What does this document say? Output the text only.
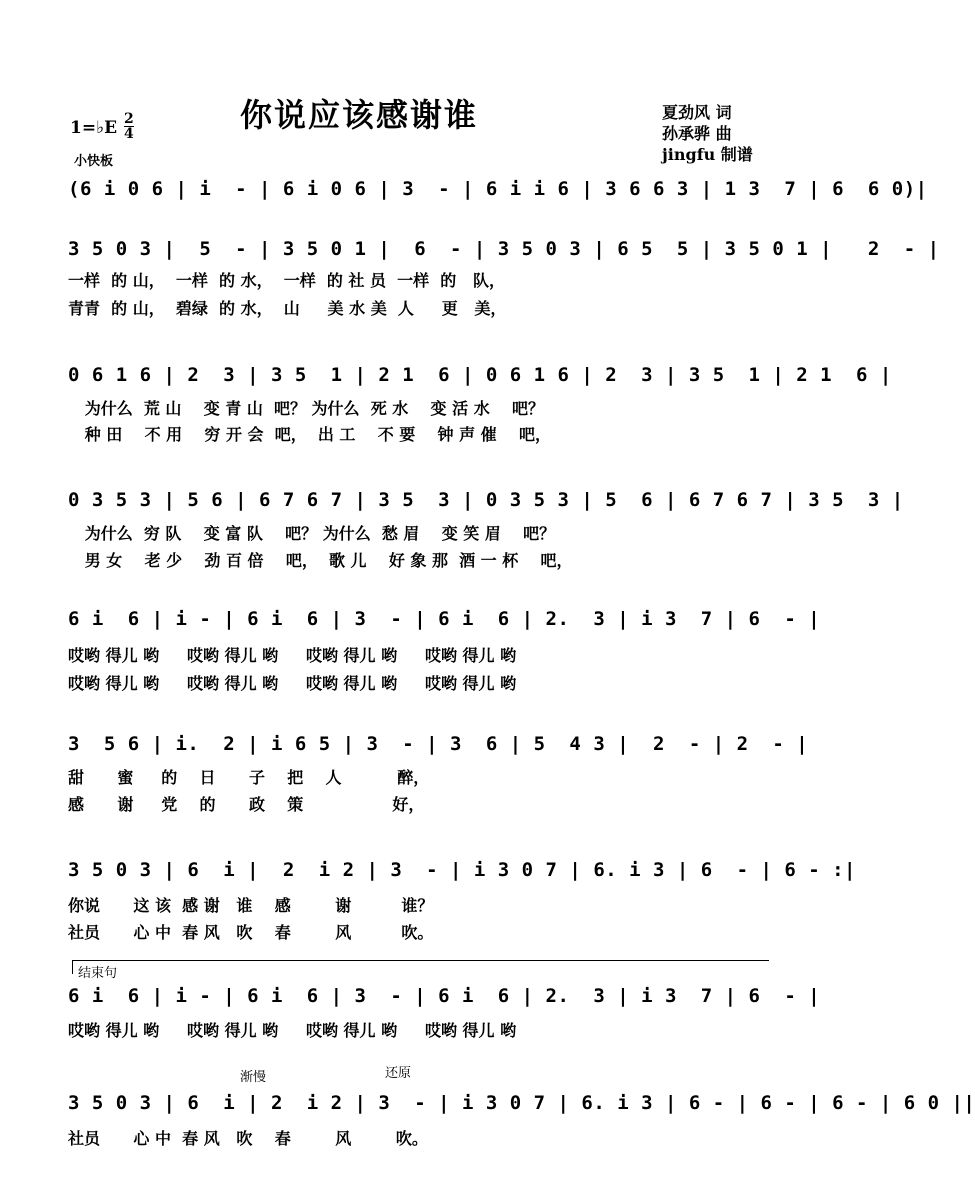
你说应该感谢谁	夏劲风 词
孙承骅 曲
jingfu 制谱
1=♭E 2
4
小快板
(6 i 0 6 | i  - | 6 i 0 6 | 3  - | 6 i i 6 | 3 6 6 3 | 1 3  7 | 6  6 0)|
3 5 0 3 |  5  - | 3 5 0 1 |  6  - | 3 5 0 3 | 6 5  5 | 3 5 0 1 |   2  - |
一样  的 山，  一样  的 水，  一样  的 社 员  一样  的   队，
青青  的 山，  碧绿  的 水，  山     美 水 美  人     更   美，
0 6 1 6 | 2  3 | 3 5  1 | 2 1  6 | 0 6 1 6 | 2  3 | 3 5  1 | 2 1  6 |
为什么  荒 山    变 青 山  吧？ 为什么  死 水    变 活 水    吧？
种 田    不 用    穷 开 会  吧，  出 工    不 要    钟 声 催    吧，
0 3 5 3 | 5 6 | 6 7 6 7 | 3 5  3 | 0 3 5 3 | 5  6 | 6 7 6 7 | 3 5  3 |
为什么  穷 队    变 富 队    吧？ 为什么  愁 眉    变 笑 眉    吧？
男 女    老 少    劲 百 倍    吧，  歌 儿    好 象 那  酒 一 杯    吧，
6 i  6 | i - | 6 i  6 | 3  - | 6 i  6 | 2.  3 | i 3  7 | 6  - |
哎哟 得儿 哟     哎哟 得儿 哟     哎哟 得儿 哟     哎哟 得儿 哟
哎哟 得儿 哟     哎哟 得儿 哟     哎哟 得儿 哟     哎哟 得儿 哟
3  5 6 | i.  2 | i 6 5 | 3  - | 3  6 | 5  4 3 |  2  - | 2  - |
甜      蜜     的    日      子    把    人          醉，
感      谢     党    的      政    策                好，
3 5 0 3 | 6  i |  2  i 2 | 3  - | i 3 0 7 | 6. i 3 | 6  - | 6 - :|
你说      这 该  感 谢   谁    感        谢         谁？
社员      心 中  春 风   吹    春        风         吹。
结束句
6 i  6 | i - | 6 i  6 | 3  - | 6 i  6 | 2.  3 | i 3  7 | 6  - |
哎哟 得儿 哟     哎哟 得儿 哟     哎哟 得儿 哟     哎哟 得儿 哟
渐慢	还原
3 5 0 3 | 6  i | 2  i 2 | 3  - | i 3 0 7 | 6. i 3 | 6 - | 6 - | 6 - | 6 0 ||
社员      心 中  春 风   吹    春        风        吹。
